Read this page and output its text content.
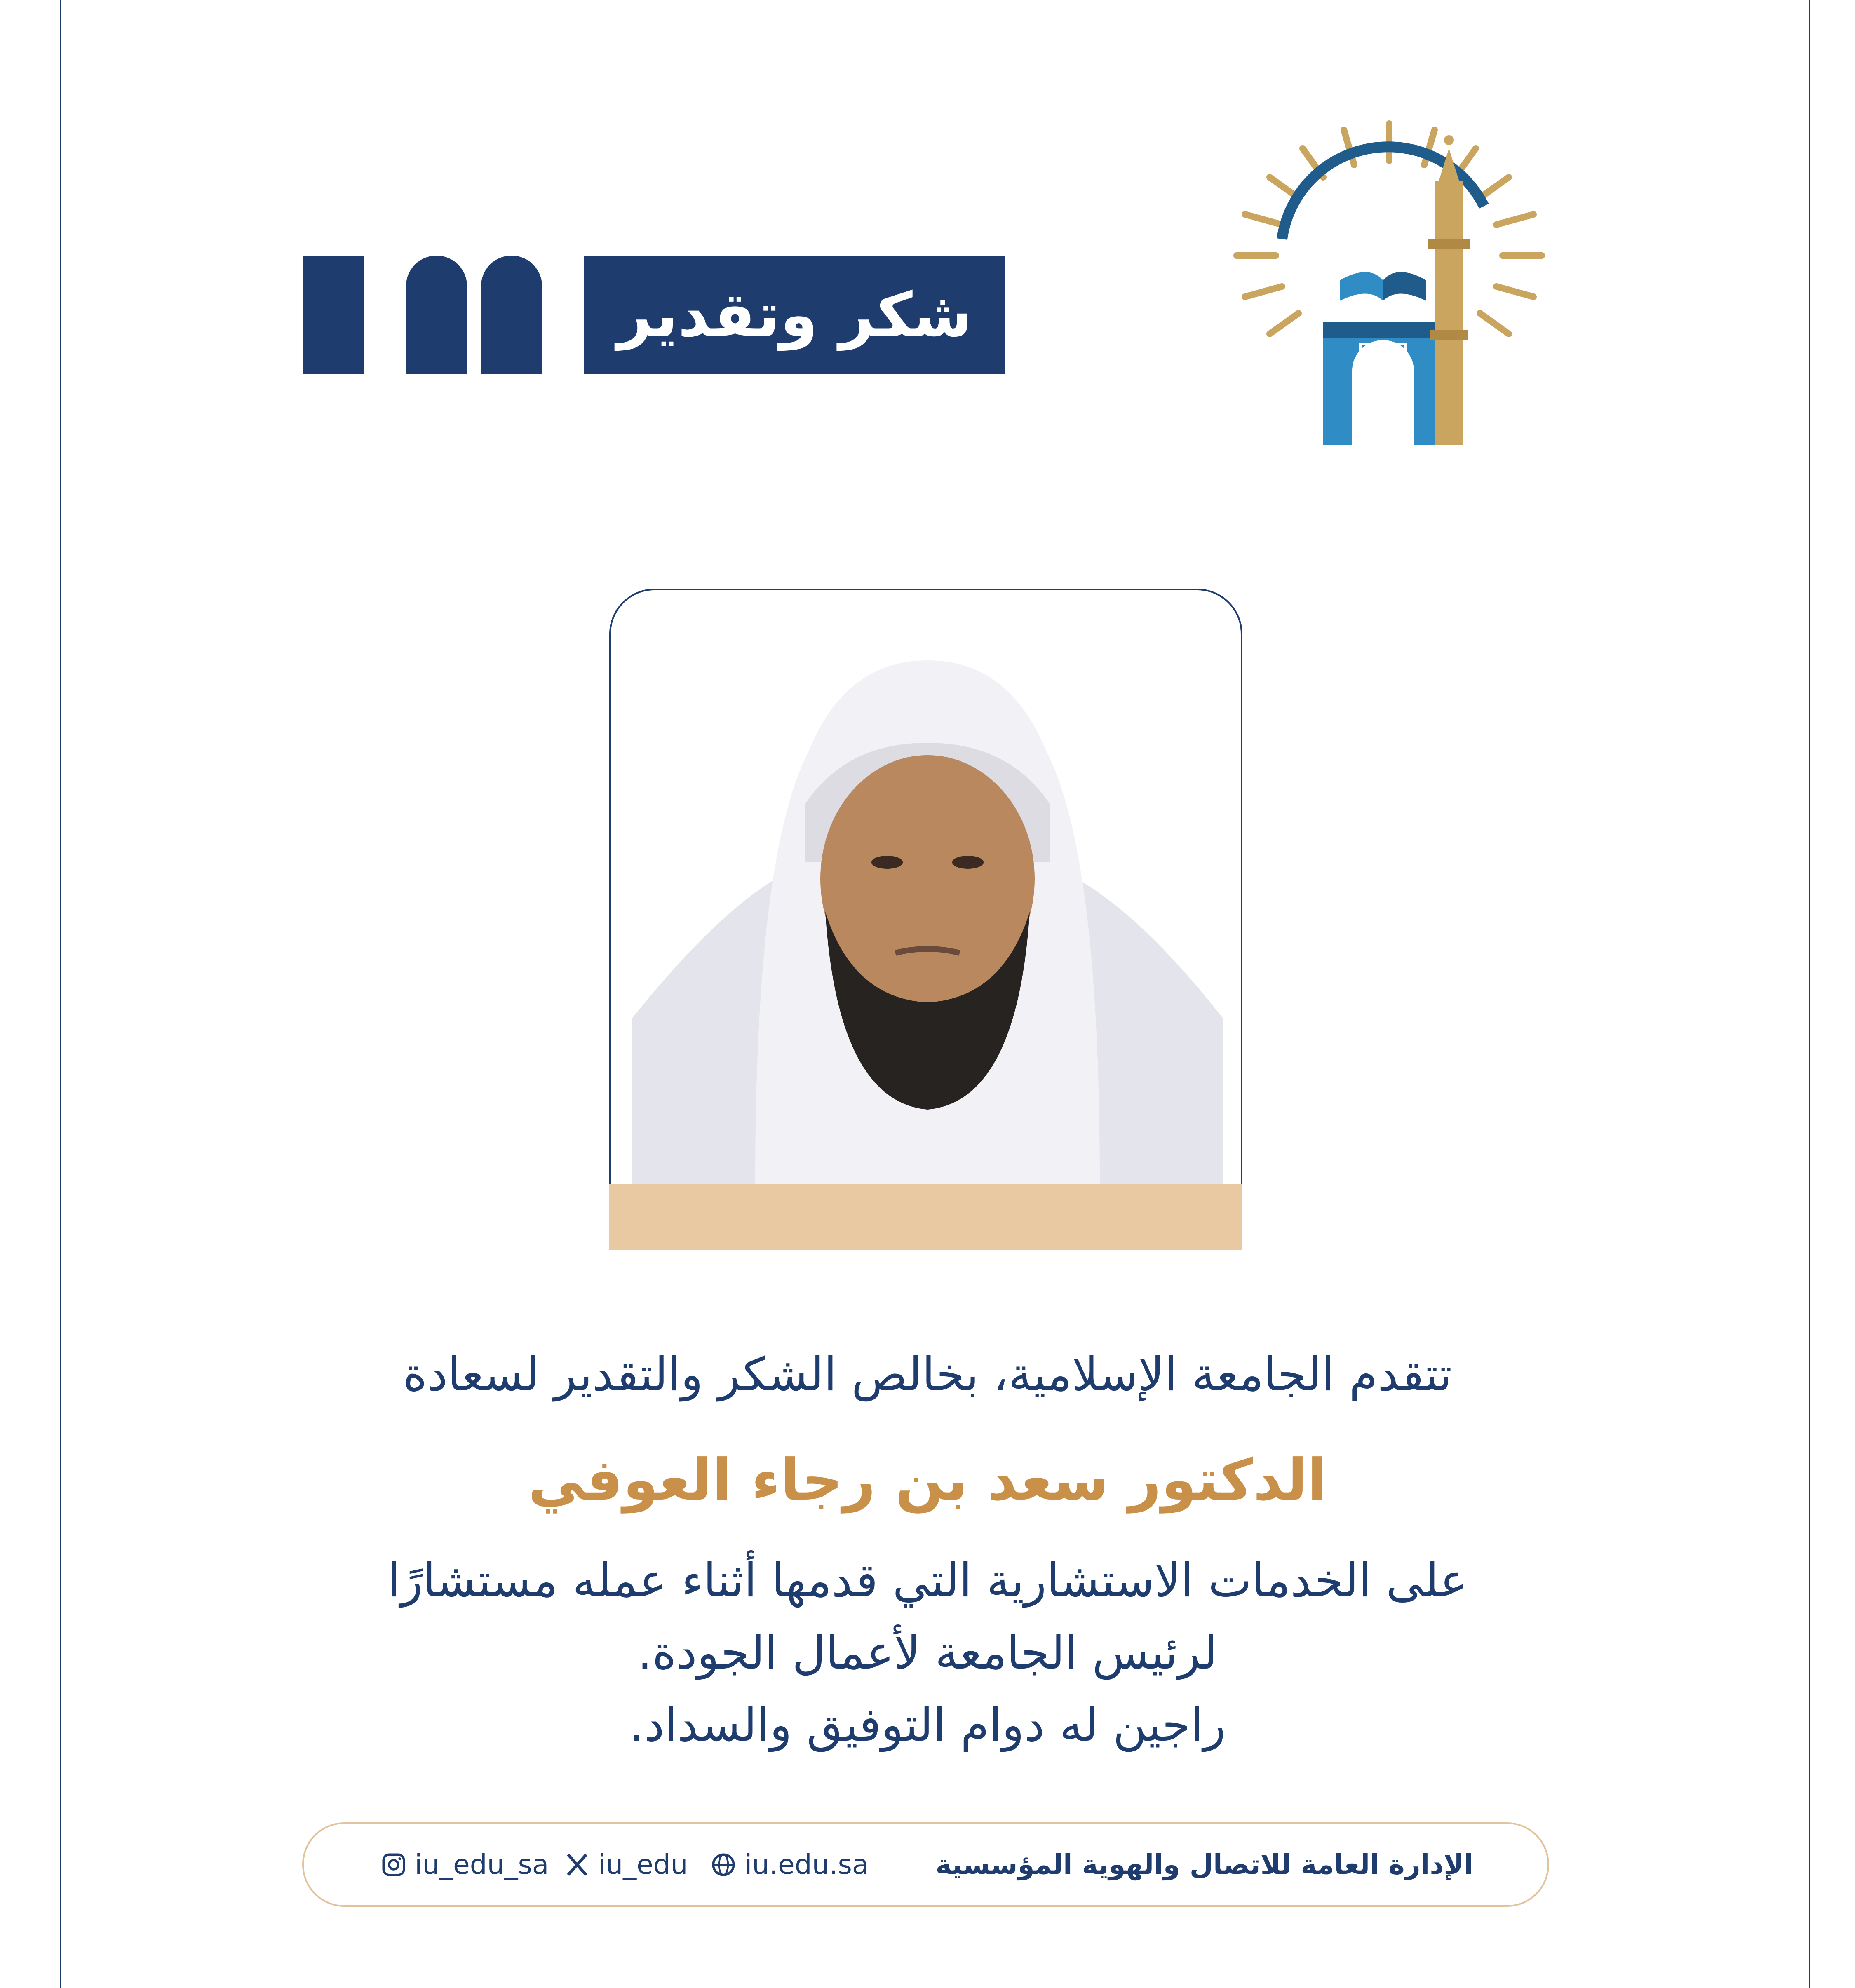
شكر وتقدير
تتقدم الجامعة الإسلامية، بخالص الشكر والتقدير لسعادة
الدكتور سعد بن رجاء العوفي
على الخدمات الاستشارية التي قدمها أثناء عمله مستشارًا
لرئيس الجامعة لأعمال الجودة.
راجين له دوام التوفيق والسداد.
الإدارة العامة للاتصال والهوية المؤسسية
iu_edu_sa iu_edu iu.edu.sa
